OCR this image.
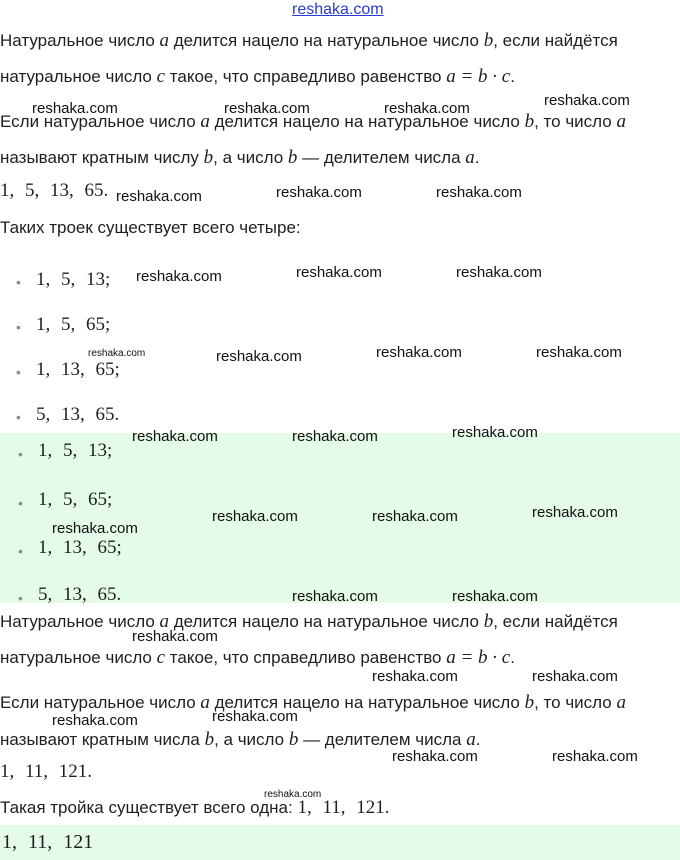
reshaka.com
Натуральное число a делится нацело на натуральное число b, если найдётся
натуральное число c такое, что справедливо равенство a = b · c.
Если натуральное число a делится нацело на натуральное число b, то число a
называют кратным числу b, а число b — делителем числа a.
1, 5, 13, 65.
Таких троек существует всего четыре:
• 1, 5, 13;
• 1, 5, 65;
• 1, 13, 65;
• 5, 13, 65.
• 1, 5, 13;
• 1, 5, 65;
• 1, 13, 65;
• 5, 13, 65.
Натуральное число a делится нацело на натуральное число b, если найдётся
натуральное число c такое, что справедливо равенство a = b · c.
Если натуральное число a делится нацело на натуральное число b, то число a
называют кратным числа b, а число b — делителем числа a.
1, 11, 121.
Такая тройка существует всего одна: 1, 11, 121.
1, 11, 121
reshaka.com	reshaka.com	reshaka.com	reshaka.com
reshaka.com	reshaka.com	reshaka.com
reshaka.com	reshaka.com	reshaka.com
reshaka.com	reshaka.com	reshaka.com	reshaka.com
reshaka.com	reshaka.com	reshaka.com
reshaka.com
reshaka.com	reshaka.com	reshaka.com
reshaka.com	reshaka.com
reshaka.com
reshaka.com	reshaka.com
reshaka.com	reshaka.com
reshaka.com	reshaka.com
reshaka.com
